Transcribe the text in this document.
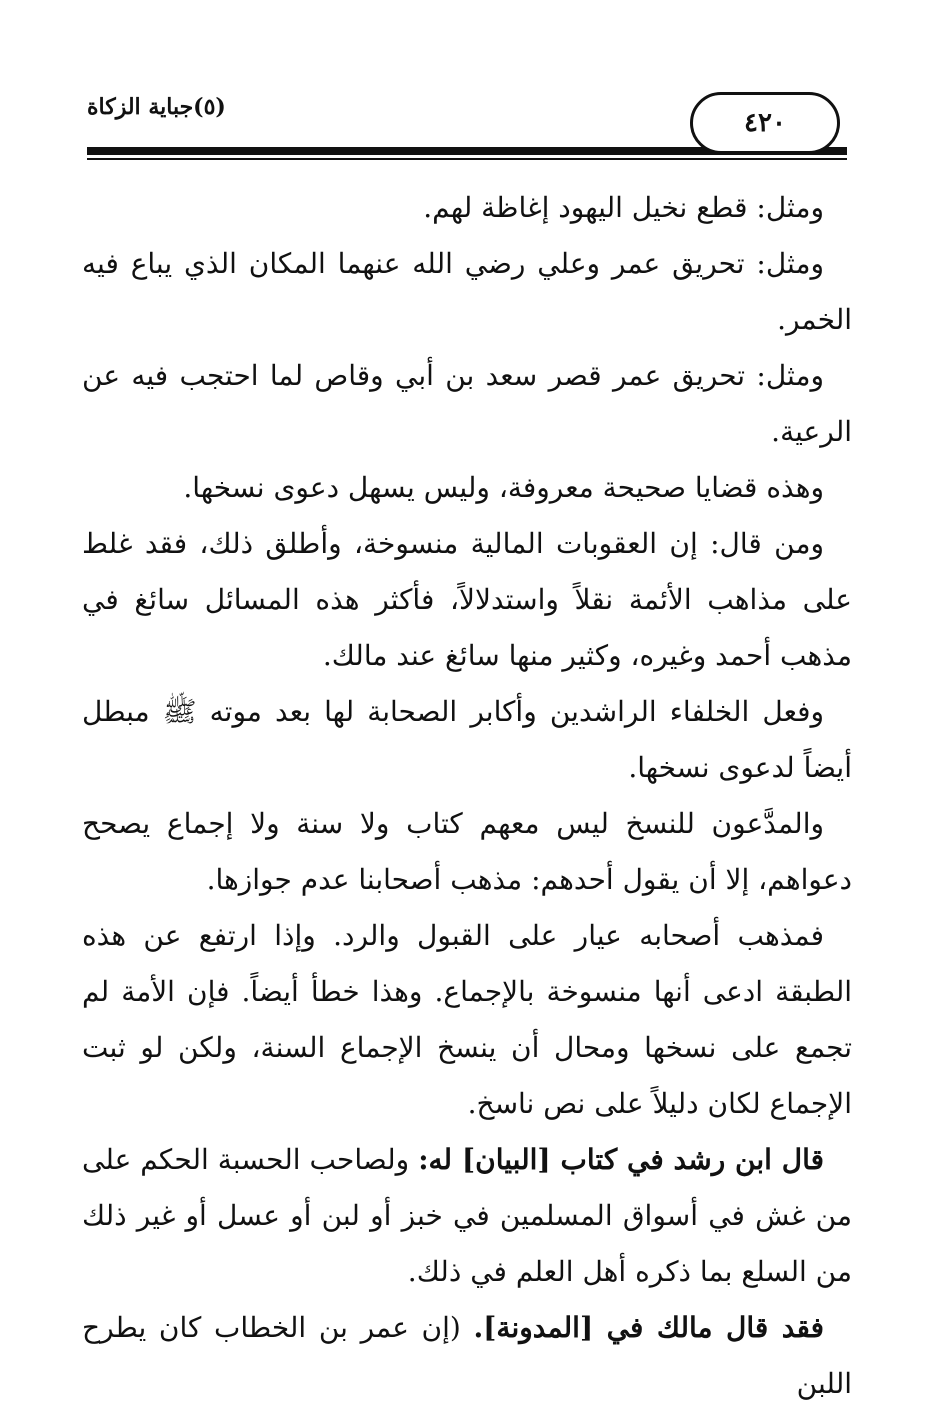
٤٢٠
(٥)جباية الزكاة

ومثل: قطع نخيل اليهود إغاظة لهم.

ومثل: تحريق عمر وعلي رضي الله عنهما المكان الذي يباع فيه الخمر.

ومثل: تحريق عمر قصر سعد بن أبي وقاص لما احتجب فيه عن الرعية.

وهذه قضايا صحيحة معروفة، وليس يسهل دعوى نسخها.

ومن قال: إن العقوبات المالية منسوخة، وأطلق ذلك، فقد غلط على مذاهب الأئمة نقلاً واستدلالاً، فأكثر هذه المسائل سائغ في مذهب أحمد وغيره، وكثير منها سائغ عند مالك.

وفعل الخلفاء الراشدين وأكابر الصحابة لها بعد موته ﷺ مبطل أيضاً لدعوى نسخها.

والمدَّعون للنسخ ليس معهم كتاب ولا سنة ولا إجماع يصحح دعواهم، إلا أن يقول أحدهم: مذهب أصحابنا عدم جوازها.

فمذهب أصحابه عيار على القبول والرد. وإذا ارتفع عن هذه الطبقة ادعى أنها منسوخة بالإجماع. وهذا خطأ أيضاً. فإن الأمة لم تجمع على نسخها ومحال أن ينسخ الإجماع السنة، ولكن لو ثبت الإجماع لكان دليلاً على نص ناسخ.

قال ابن رشد في كتاب [البيان] له: ولصاحب الحسبة الحكم على من غش في أسواق المسلمين في خبز أو لبن أو عسل أو غير ذلك من السلع بما ذكره أهل العلم في ذلك.

فقد قال مالك في [المدونة]. (إن عمر بن الخطاب كان يطرح اللبن
